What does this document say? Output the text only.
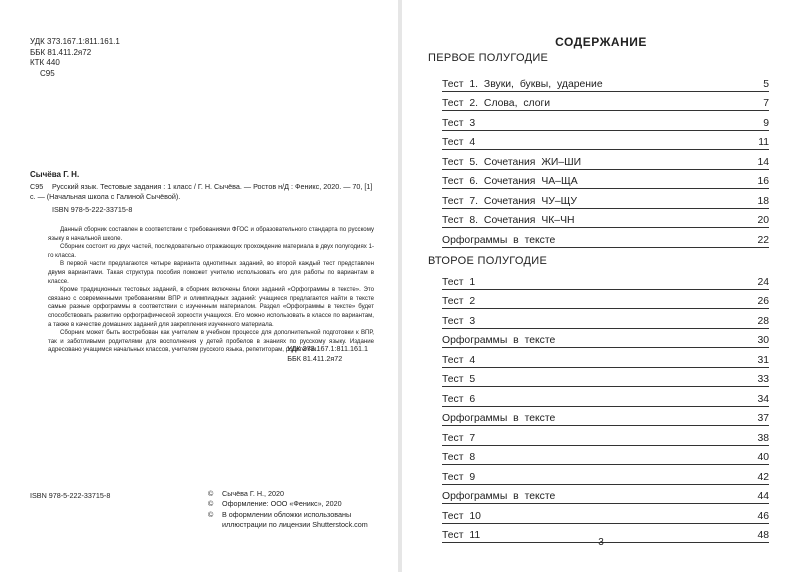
УДК 373.167.1:811.161.1
ББК 81.411.2я72
КТК 440
С95
Сычёва Г. Н.
С95 Русский язык. Тестовые задания : 1 класс / Г. Н. Сычёва. — Ростов н/Д : Феникс, 2020. — 70, [1] с. — (Начальная школа с Галиной Сычёвой).
ISBN 978-5-222-33715-8

Данный сборник составлен в соответствии с требованиями ФГОС и образовательного стандарта по русскому языку в начальной школе.

Сборник состоит из двух частей, последовательно отражающих прохождение материала в двух полугодиях 1-го класса.

В первой части предлагаются четыре варианта однотипных заданий, во второй каждый тест представлен двумя вариантами. Такая структура пособия поможет учителю использовать его для работы по вариантам в классе.

Кроме традиционных тестовых заданий, в сборник включены блоки заданий «Орфограммы в тексте». Это связано с современными требованиями ВПР и олимпиадных заданий: учащиеся предлагается найти в тексте самые разные орфограммы в соответствии с изученным материалом. Раздел «Орфограммы в тексте» будет способствовать развитию орфографической зоркости учащихся. Его можно использовать в классе по вариантам, а также в качестве домашних заданий для закрепления изученного материала.

Сборник может быть востребован как учителем в учебном процессе для дополнительной подготовки к ВПР, так и заботливыми родителями для восполнения у детей пробелов в знаниях по русскому языку. Издание адресовано учащимся начальных классов, учителям русского языка, репетиторам, родителям.

УДК 373.167.1:811.161.1
ББК 81.411.2я72
ISBN 978-5-222-33715-8	© Сычёва Г. Н., 2020
© Оформление: ООО «Феникс», 2020
© В оформлении обложки использованы
иллюстрации по лицензии Shutterstock.com
СОДЕРЖАНИЕ
ПЕРВОЕ ПОЛУГОДИЕ
Тест 1. Звуки, буквы, ударение	5
Тест 2. Слова, слоги	7
Тест 3	9
Тест 4	11
Тест 5. Сочетания ЖИ–ШИ	14
Тест 6. Сочетания ЧА–ЩА	16
Тест 7. Сочетания ЧУ–ЩУ	18
Тест 8. Сочетания ЧК–ЧН	20
Орфограммы в тексте	22
ВТОРОЕ ПОЛУГОДИЕ
Тест 1	24
Тест 2	26
Тест 3	28
Орфограммы в тексте	30
Тест 4	31
Тест 5	33
Тест 6	34
Орфограммы в тексте	37
Тест 7	38
Тест 8	40
Тест 9	42
Орфограммы в тексте	44
Тест 10	46
Тест 11	48
3
